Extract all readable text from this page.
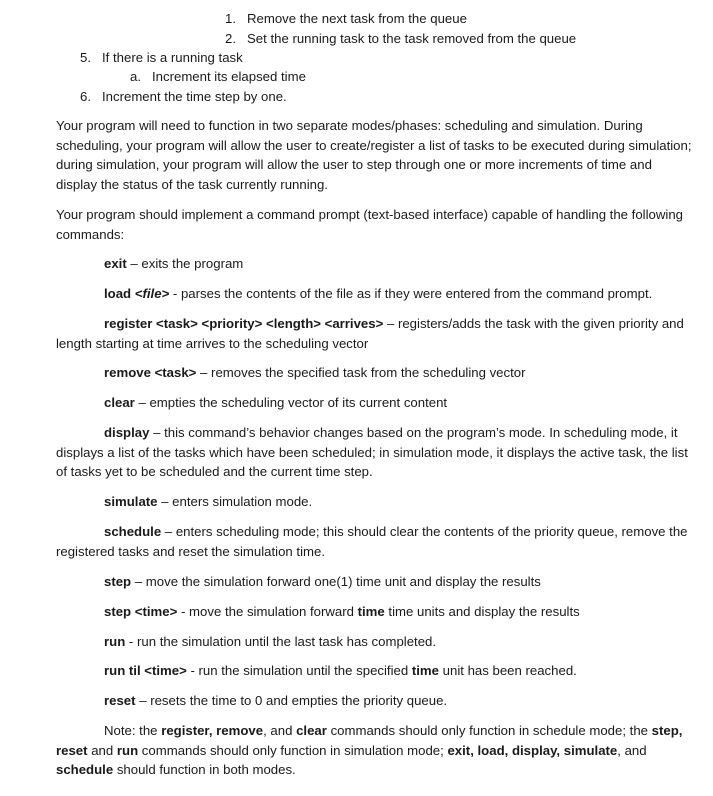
1. Remove the next task from the queue
2. Set the running task to the task removed from the queue
5. If there is a running task
a. Increment its elapsed time
6. Increment the time step by one.
Your program will need to function in two separate modes/phases: scheduling and simulation. During scheduling, your program will allow the user to create/register a list of tasks to be executed during simulation; during simulation, your program will allow the user to step through one or more increments of time and display the status of the task currently running.
Your program should implement a command prompt (text-based interface) capable of handling the following commands:
exit – exits the program
load <file> - parses the contents of the file as if they were entered from the command prompt.
register <task> <priority> <length> <arrives> – registers/adds the task with the given priority and length starting at time arrives to the scheduling vector
remove <task> – removes the specified task from the scheduling vector
clear – empties the scheduling vector of its current content
display – this command’s behavior changes based on the program’s mode. In scheduling mode, it displays a list of the tasks which have been scheduled; in simulation mode, it displays the active task, the list of tasks yet to be scheduled and the current time step.
simulate – enters simulation mode.
schedule – enters scheduling mode; this should clear the contents of the priority queue, remove the registered tasks and reset the simulation time.
step – move the simulation forward one(1) time unit and display the results
step <time> - move the simulation forward time time units and display the results
run - run the simulation until the last task has completed.
run til <time> - run the simulation until the specified time unit has been reached.
reset – resets the time to 0 and empties the priority queue.
Note: the register, remove, and clear commands should only function in schedule mode; the step, reset and run commands should only function in simulation mode; exit, load, display, simulate, and schedule should function in both modes.
